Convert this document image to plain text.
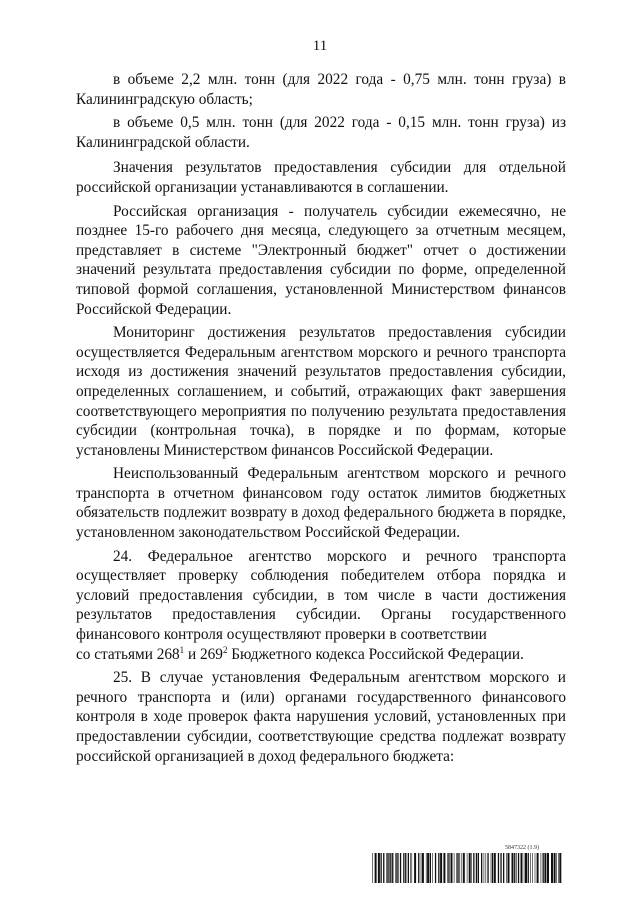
11

в объеме 2,2 млн. тонн (для 2022 года - 0,75 млн. тонн груза) в Калининградскую область;

в объеме 0,5 млн. тонн (для 2022 года - 0,15 млн. тонн груза) из Калининградской области.

Значения результатов предоставления субсидии для отдельной российской организации устанавливаются в соглашении.

Российская организация - получатель субсидии ежемесячно, не позднее 15-го рабочего дня месяца, следующего за отчетным месяцем, представляет в системе "Электронный бюджет" отчет о достижении значений результата предоставления субсидии по форме, определенной типовой формой соглашения, установленной Министерством финансов Российской Федерации.

Мониторинг достижения результатов предоставления субсидии осуществляется Федеральным агентством морского и речного транспорта исходя из достижения значений результатов предоставления субсидии, определенных соглашением, и событий, отражающих факт завершения соответствующего мероприятия по получению результата предоставления субсидии (контрольная точка), в порядке и по формам, которые установлены Министерством финансов Российской Федерации.

Неиспользованный Федеральным агентством морского и речного транспорта в отчетном финансовом году остаток лимитов бюджетных обязательств подлежит возврату в доход федерального бюджета в порядке, установленном законодательством Российской Федерации.

24. Федеральное агентство морского и речного транспорта осуществляет проверку соблюдения победителем отбора порядка и условий предоставления субсидии, в том числе в части достижения результатов предоставления субсидии. Органы государственного финансового контроля осуществляют проверки в соответствии

со статьями $268^1$ и $269^2$ Бюджетного кодекса Российской Федерации.

25. В случае установления Федеральным агентством морского и речного транспорта и (или) органами государственного финансового контроля в ходе проверок факта нарушения условий, установленных при предоставлении субсидии, соответствующие средства подлежат возврату российской организацией в доход федерального бюджета:

5847322 (1.9)
